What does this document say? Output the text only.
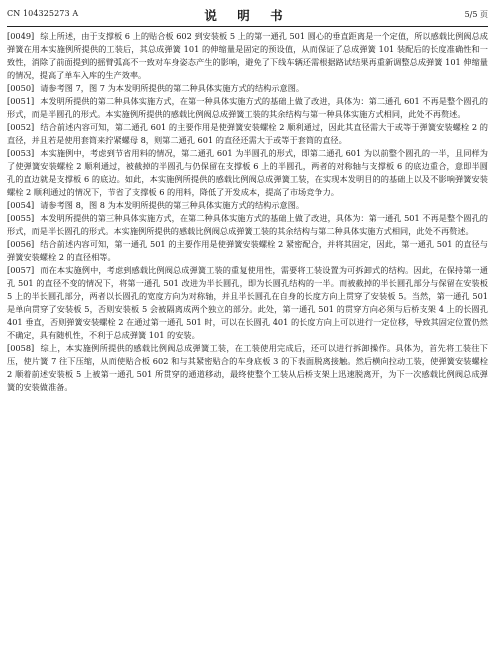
CN 104325273 A	说 明 书	5/5 页

[0049] 综上所述，由于支撑板 6 上的贴合板 602 到安装板 5 上的第一通孔 501 圆心的垂直距离是一个定值，所以感载比例阀总成弹簧在用本实施例所提供的工装后，其总成弹簧 101 的伸缩量是固定的预设值，从而保证了总成弹簧 101 装配后的长度准确性和一致性，消除了前面提到的摇臂弧高不一致对车身姿态产生的影响，避免了下线车辆还需根据路试结果再重新调整总成弹簧 101 伸缩量的情况，提高了单车入库的生产效率。

[0050] 请参考图 7，图 7 为本发明所提供的第二种具体实施方式的结构示意图。

[0051] 本发明所提供的第二种具体实施方式，在第一种具体实施方式的基础上做了改进，具体为：第二通孔 601 不再是整个圆孔的形式，而是半圆孔的形式。本实施例所提供的感载比例阀总成弹簧工装的其余结构与第一种具体实施方式相同，此处不再赘述。

[0052] 结合前述内容可知，第二通孔 601 的主要作用是使弹簧安装螺栓 2 顺利通过，因此其直径需大于或等于弹簧安装螺栓 2 的直径，并且若是使用套筒来拧紧螺母 8，则第二通孔 601 的直径还需大于或等于套筒的直径。

[0053] 本实施例中，考虑到节省用料的情况，第二通孔 601 为半圆孔的形式，即第二通孔 601 为以前整个圆孔的一半，且同样为了使弹簧安装螺栓 2 顺利通过，被截掉的半圆孔与仍保留在支撑板 6 上的半圆孔，两者的对称轴与支撑板 6 的底边重合，意即半圆孔的直边就是支撑板 6 的底边。如此，本实施例所提供的感载比例阀总成弹簧工装，在实现本发明目的的基础上以及不影响弹簧安装螺栓 2 顺利通过的情况下，节省了支撑板 6 的用料，降低了开发成本，提高了市场竞争力。

[0054] 请参考图 8，图 8 为本发明所提供的第三种具体实施方式的结构示意图。

[0055] 本发明所提供的第三种具体实施方式，在第二种具体实施方式的基础上做了改进，具体为：第一通孔 501 不再是整个圆孔的形式，而是半长圆孔的形式。本实施例所提供的感载比例阀总成弹簧工装的其余结构与第二种具体实施方式相同，此处不再赘述。

[0056] 结合前述内容可知，第一通孔 501 的主要作用是使弹簧安装螺栓 2 紧密配合，并将其固定，因此，第一通孔 501 的直径与弹簧安装螺栓 2 的直径相等。

[0057] 而在本实施例中，考虑到感载比例阀总成弹簧工装的重复使用性，需要将工装设置为可拆卸式的结构。因此，在保持第一通孔 501 的直径不变的情况下，将第一通孔 501 改进为半长圆孔，即为长圆孔结构的一半。而被截掉的半长圆孔部分与保留在安装板 5 上的半长圆孔部分，两者以长圆孔的宽度方向为对称轴，并且半长圆孔在自身的长度方向上贯穿了安装板 5。当然，第一通孔 501 是单向贯穿了安装板 5，否则安装板 5 会被隔离成两个独立的部分。此处，第一通孔 501 的贯穿方向必须与后桥支架 4 上的长圆孔 401 垂直，否则弹簧安装螺栓 2 在通过第一通孔 501 时，可以在长圆孔 401 的长度方向上可以进行一定位移，导致其固定位置仍然不确定，具有随机性，不利于总成弹簧 101 的安装。

[0058] 综上，本实施例所提供的感载比例阀总成弹簧工装，在工装使用完成后，还可以进行拆卸操作。具体为，首先将工装往下压，使片簧 7 往下压缩，从而使贴合板 602 和与其紧密贴合的车身底板 3 的下表面脱离接触。然后横向拉动工装，使弹簧安装螺栓 2 顺着前述安装板 5 上被第一通孔 501 所贯穿的通道移动，最终使整个工装从后桥支架上迅速脱离开，为下一次感载比例阀总成弹簧的安装做准备。
